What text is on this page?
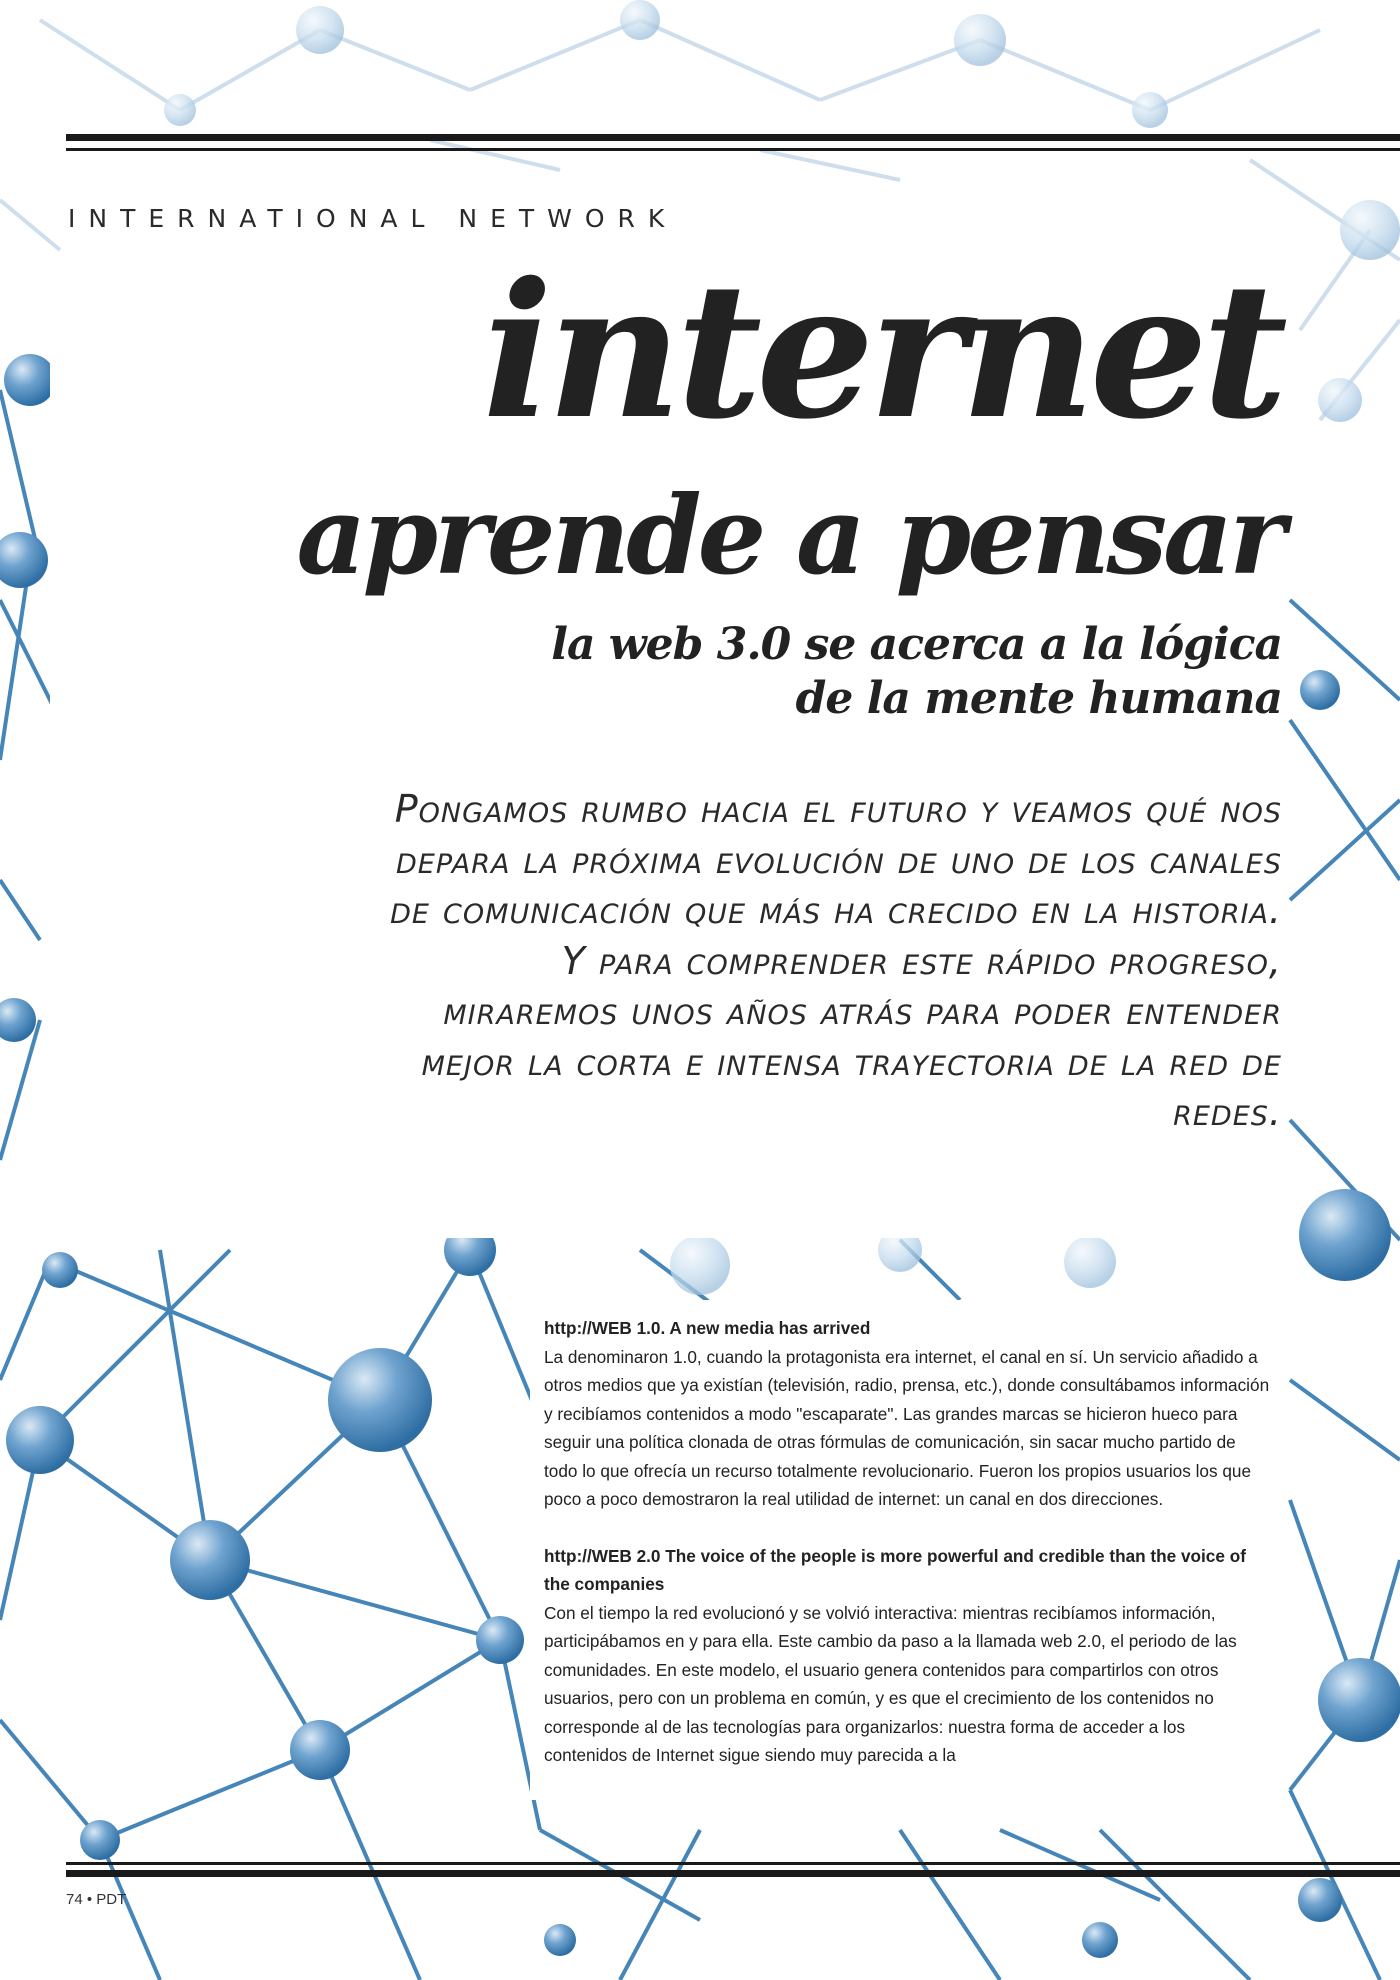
INTERNATIONAL NETWORK
internet
aprende a pensar
la web 3.0 se acerca a la lógica
de la mente humana

Pongamos rumbo hacia el futuro y veamos qué nos depara la próxima evolución de uno de los canales de comunicación que más ha crecido en la historia. Y para comprender este rápido progreso, miraremos unos años atrás para poder entender mejor la corta e intensa trayectoria de la red de redes.

http://WEB 1.0. A new media has arrived

La denominaron 1.0, cuando la protagonista era internet, el canal en sí. Un servicio añadido a otros medios que ya existían (televisión, radio, prensa, etc.), donde consultábamos información y recibíamos contenidos a modo "escaparate". Las grandes marcas se hicieron hueco para seguir una política clonada de otras fórmulas de comunicación, sin sacar mucho partido de todo lo que ofrecía un recurso totalmente revolucionario. Fueron los propios usuarios los que poco a poco demostraron la real utilidad de internet: un canal en dos direcciones.

http://WEB 2.0 The voice of the people is more powerful and credible than the voice of the companies

Con el tiempo la red evolucionó y se volvió interactiva: mientras recibíamos información, participábamos en y para ella. Este cambio da paso a la llamada web 2.0, el periodo de las comunidades. En este modelo, el usuario genera contenidos para compartirlos con otros usuarios, pero con un problema en común, y es que el crecimiento de los contenidos no corresponde al de las tecnologías para organizarlos: nuestra forma de acceder a los contenidos de Internet sigue siendo muy parecida a la

74 • PDT
